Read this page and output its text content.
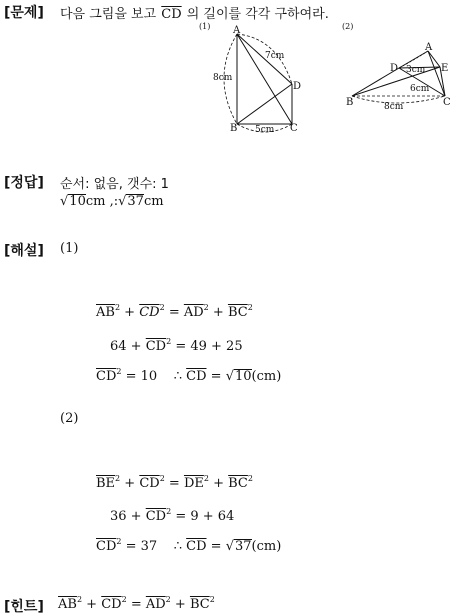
[문제] 다음 그림을 보고 $\overline{CD}$ 의 길이를 각각 구하여라.
(1) A
B	C
D
7cm
8cm
5cm
(2)
A
B	C
D	E
3cm
6cm
8cm
[정답] 순서: 없음, 갯수: 1
√10cm ,:√37cm
[해설] (1)
$\overline{AB}^2 + \overline{CD}^2 = \overline{AD}^2 + \overline{BC}^2$
$64 + \overline{CD}^2 = 49 + 25$
$\overline{CD}^2 = 10$ ∴ $\overline{CD} = √10(cm)$
(2)
$\overline{BE}^2 + \overline{CD}^2 = \overline{DE}^2 + \overline{BC}^2$
$36 + \overline{CD}^2 = 9 + 64$
$\overline{CD}^2 = 37$ ∴ $\overline{CD} = √37(cm)$
[힌트] $\overline{AB}^2 + \overline{CD}^2 = \overline{AD}^2 + \overline{BC}^2$
